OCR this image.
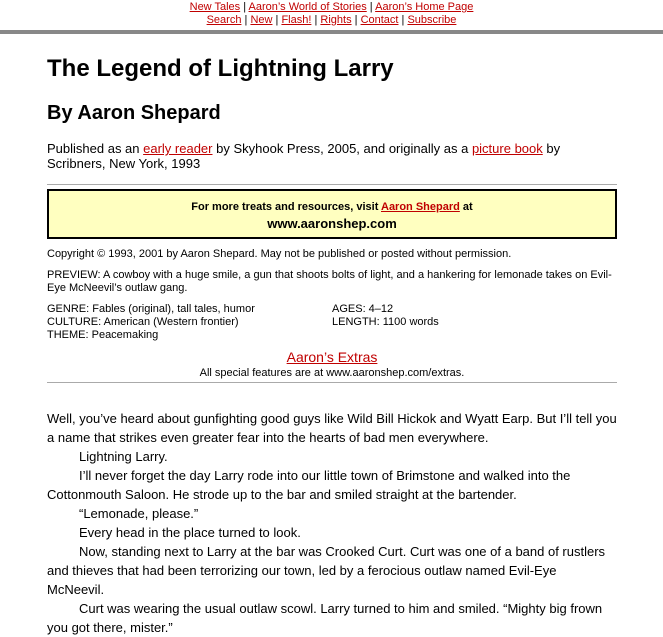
New Tales | Aaron’s World of Stories | Aaron’s Home Page
Search | New | Flash! | Rights | Contact | Subscribe
The Legend of Lightning Larry
By Aaron Shepard
Published as an early reader by Skyhook Press, 2005, and originally as a picture book by Scribners, New York, 1993
For more treats and resources, visit Aaron Shepard at
www.aaronshep.com
Copyright © 1993, 2001 by Aaron Shepard. May not be published or posted without permission.
PREVIEW: A cowboy with a huge smile, a gun that shoots bolts of light, and a hankering for lemonade takes on Evil-Eye McNeevil’s outlaw gang.
GENRE: Fables (original), tall tales, humor
CULTURE: American (Western frontier)
THEME: Peacemaking
AGES: 4–12
LENGTH: 1100 words
Aaron’s Extras
All special features are at www.aaronshep.com/extras.

Well, you’ve heard about gunfighting good guys like Wild Bill Hickok and Wyatt Earp. But I’ll tell you a name that strikes even greater fear into the hearts of bad men everywhere.

Lightning Larry.

I’ll never forget the day Larry rode into our little town of Brimstone and walked into the Cottonmouth Saloon. He strode up to the bar and smiled straight at the bartender.

“Lemonade, please.”

Every head in the place turned to look.

Now, standing next to Larry at the bar was Crooked Curt. Curt was one of a band of rustlers and thieves that had been terrorizing our town, led by a ferocious outlaw named Evil-Eye McNeevil.

Curt was wearing the usual outlaw scowl. Larry turned to him and smiled. “Mighty big frown you got there, mister.”
